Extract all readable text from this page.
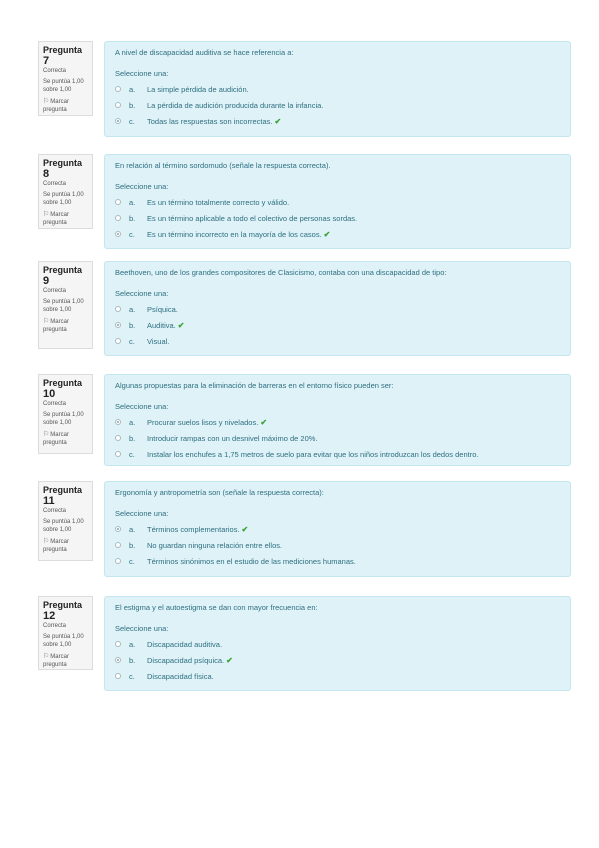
Pregunta 7
Correcta
Se puntúa 1,00 sobre 1,00
⚐Marcar pregunta
A nivel de discapacidad auditiva se hace referencia a:
Seleccione una:
a.	La simple pérdida de audición.
b.	La pérdida de audición producida durante la infancia.
c.	Todas las respuestas son incorrectas. ✔
Pregunta 8
Correcta
Se puntúa 1,00 sobre 1,00
⚐Marcar pregunta
En relación al término sordomudo (señale la respuesta correcta).
Seleccione una:
a.	Es un término totalmente correcto y válido.
b.	Es un término aplicable a todo el colectivo de personas sordas.
c.	Es un término incorrecto en la mayoría de los casos. ✔
Pregunta 9
Correcta
Se puntúa 1,00 sobre 1,00
⚐Marcar pregunta
Beethoven, uno de los grandes compositores de Clasicismo, contaba con una discapacidad de tipo:
Seleccione una:
a.	Psíquica.
b.	Auditiva. ✔
c.	Visual.
Pregunta 10
Correcta
Se puntúa 1,00 sobre 1,00
⚐Marcar pregunta
Algunas propuestas para la eliminación de barreras en el entorno físico pueden ser:
Seleccione una:
a.	Procurar suelos lisos y nivelados. ✔
b.	Introducir rampas con un desnivel máximo de 20%.
c.	Instalar los enchufes a 1,75 metros de suelo para evitar que los niños introduzcan los dedos dentro.
Pregunta 11
Correcta
Se puntúa 1,00 sobre 1,00
⚐Marcar pregunta
Ergonomía y antropometría son (señale la respuesta correcta):
Seleccione una:
a.	Términos complementarios. ✔
b.	No guardan ninguna relación entre ellos.
c.	Términos sinónimos en el estudio de las mediciones humanas.
Pregunta 12
Correcta
Se puntúa 1,00 sobre 1,00
⚐Marcar pregunta
El estigma y el autoestigma se dan con mayor frecuencia en:
Seleccione una:
a.	Discapacidad auditiva.
b.	Discapacidad psíquica. ✔
c.	Discapacidad física.
